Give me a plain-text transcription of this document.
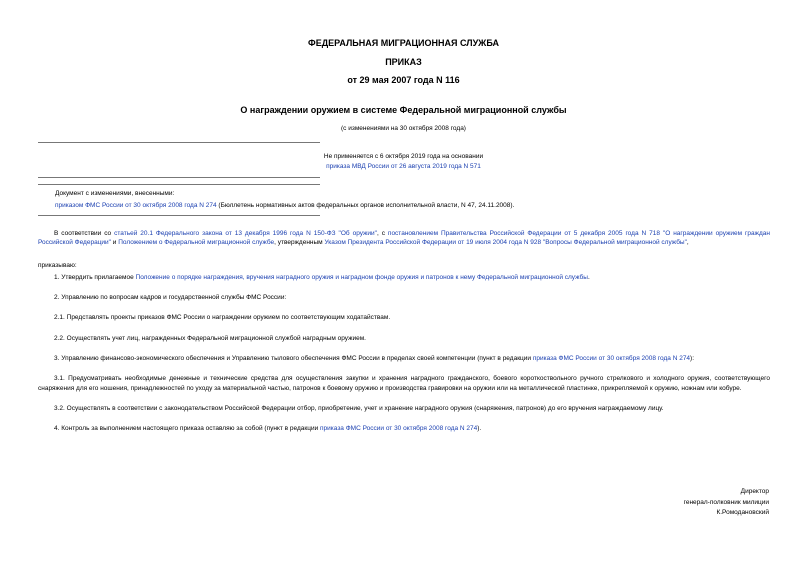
ФЕДЕРАЛЬНАЯ МИГРАЦИОННАЯ СЛУЖБА
ПРИКАЗ
от 29 мая 2007 года N 116
О награждении оружием в системе Федеральной миграционной службы
(с изменениями на 30 октября 2008 года)
Не применяется с 6 октября 2019 года на основании
приказа МВД России от 26 августа 2019 года N 571
Документ с изменениями, внесенными:
приказом ФМС России от 30 октября 2008 года N 274 (Бюллетень нормативных актов федеральных органов исполнительной власти, N 47, 24.11.2008).

В соответствии со статьей 20.1 Федерального закона от 13 декабря 1996 года N 150-ФЗ "Об оружии", с постановлением Правительства Российской Федерации от 5 декабря 2005 года N 718 "О награждении оружием граждан Российской Федерации" и Положением о Федеральной миграционной службе, утвержденным Указом Президента Российской Федерации от 19 июля 2004 года N 928 "Вопросы Федеральной миграционной службы",

приказываю:

1. Утвердить прилагаемое Положение о порядке награждения, вручения наградного оружия и наградном фонде оружия и патронов к нему Федеральной миграционной службы.

2. Управлению по вопросам кадров и государственной службы ФМС России:

2.1. Представлять проекты приказов ФМС России о награждении оружием по соответствующим ходатайствам.

2.2. Осуществлять учет лиц, награжденных Федеральной миграционной службой наградным оружием.

3. Управлению финансово-экономического обеспечения и Управлению тылового обеспечения ФМС России в пределах своей компетенции (пункт в редакции приказа ФМС России от 30 октября 2008 года N 274):

3.1. Предусматривать необходимые денежные и технические средства для осуществления закупки и хранения наградного гражданского, боевого короткоствольного ручного стрелкового и холодного оружия, соответствующего снаряжения для его ношения, принадлежностей по уходу за материальной частью, патронов к боевому оружию и производства гравировки на оружии или на металлической пластинке, прикрепляемой к оружию, ножнам или кобуре.

3.2. Осуществлять в соответствии с законодательством Российской Федерации отбор, приобретение, учет и хранение наградного оружия (снаряжения, патронов) до его вручения награждаемому лицу.

4. Контроль за выполнением настоящего приказа оставляю за собой (пункт в редакции приказа ФМС России от 30 октября 2008 года N 274).

Директор
генерал-полковник милиции
К.Ромодановский
